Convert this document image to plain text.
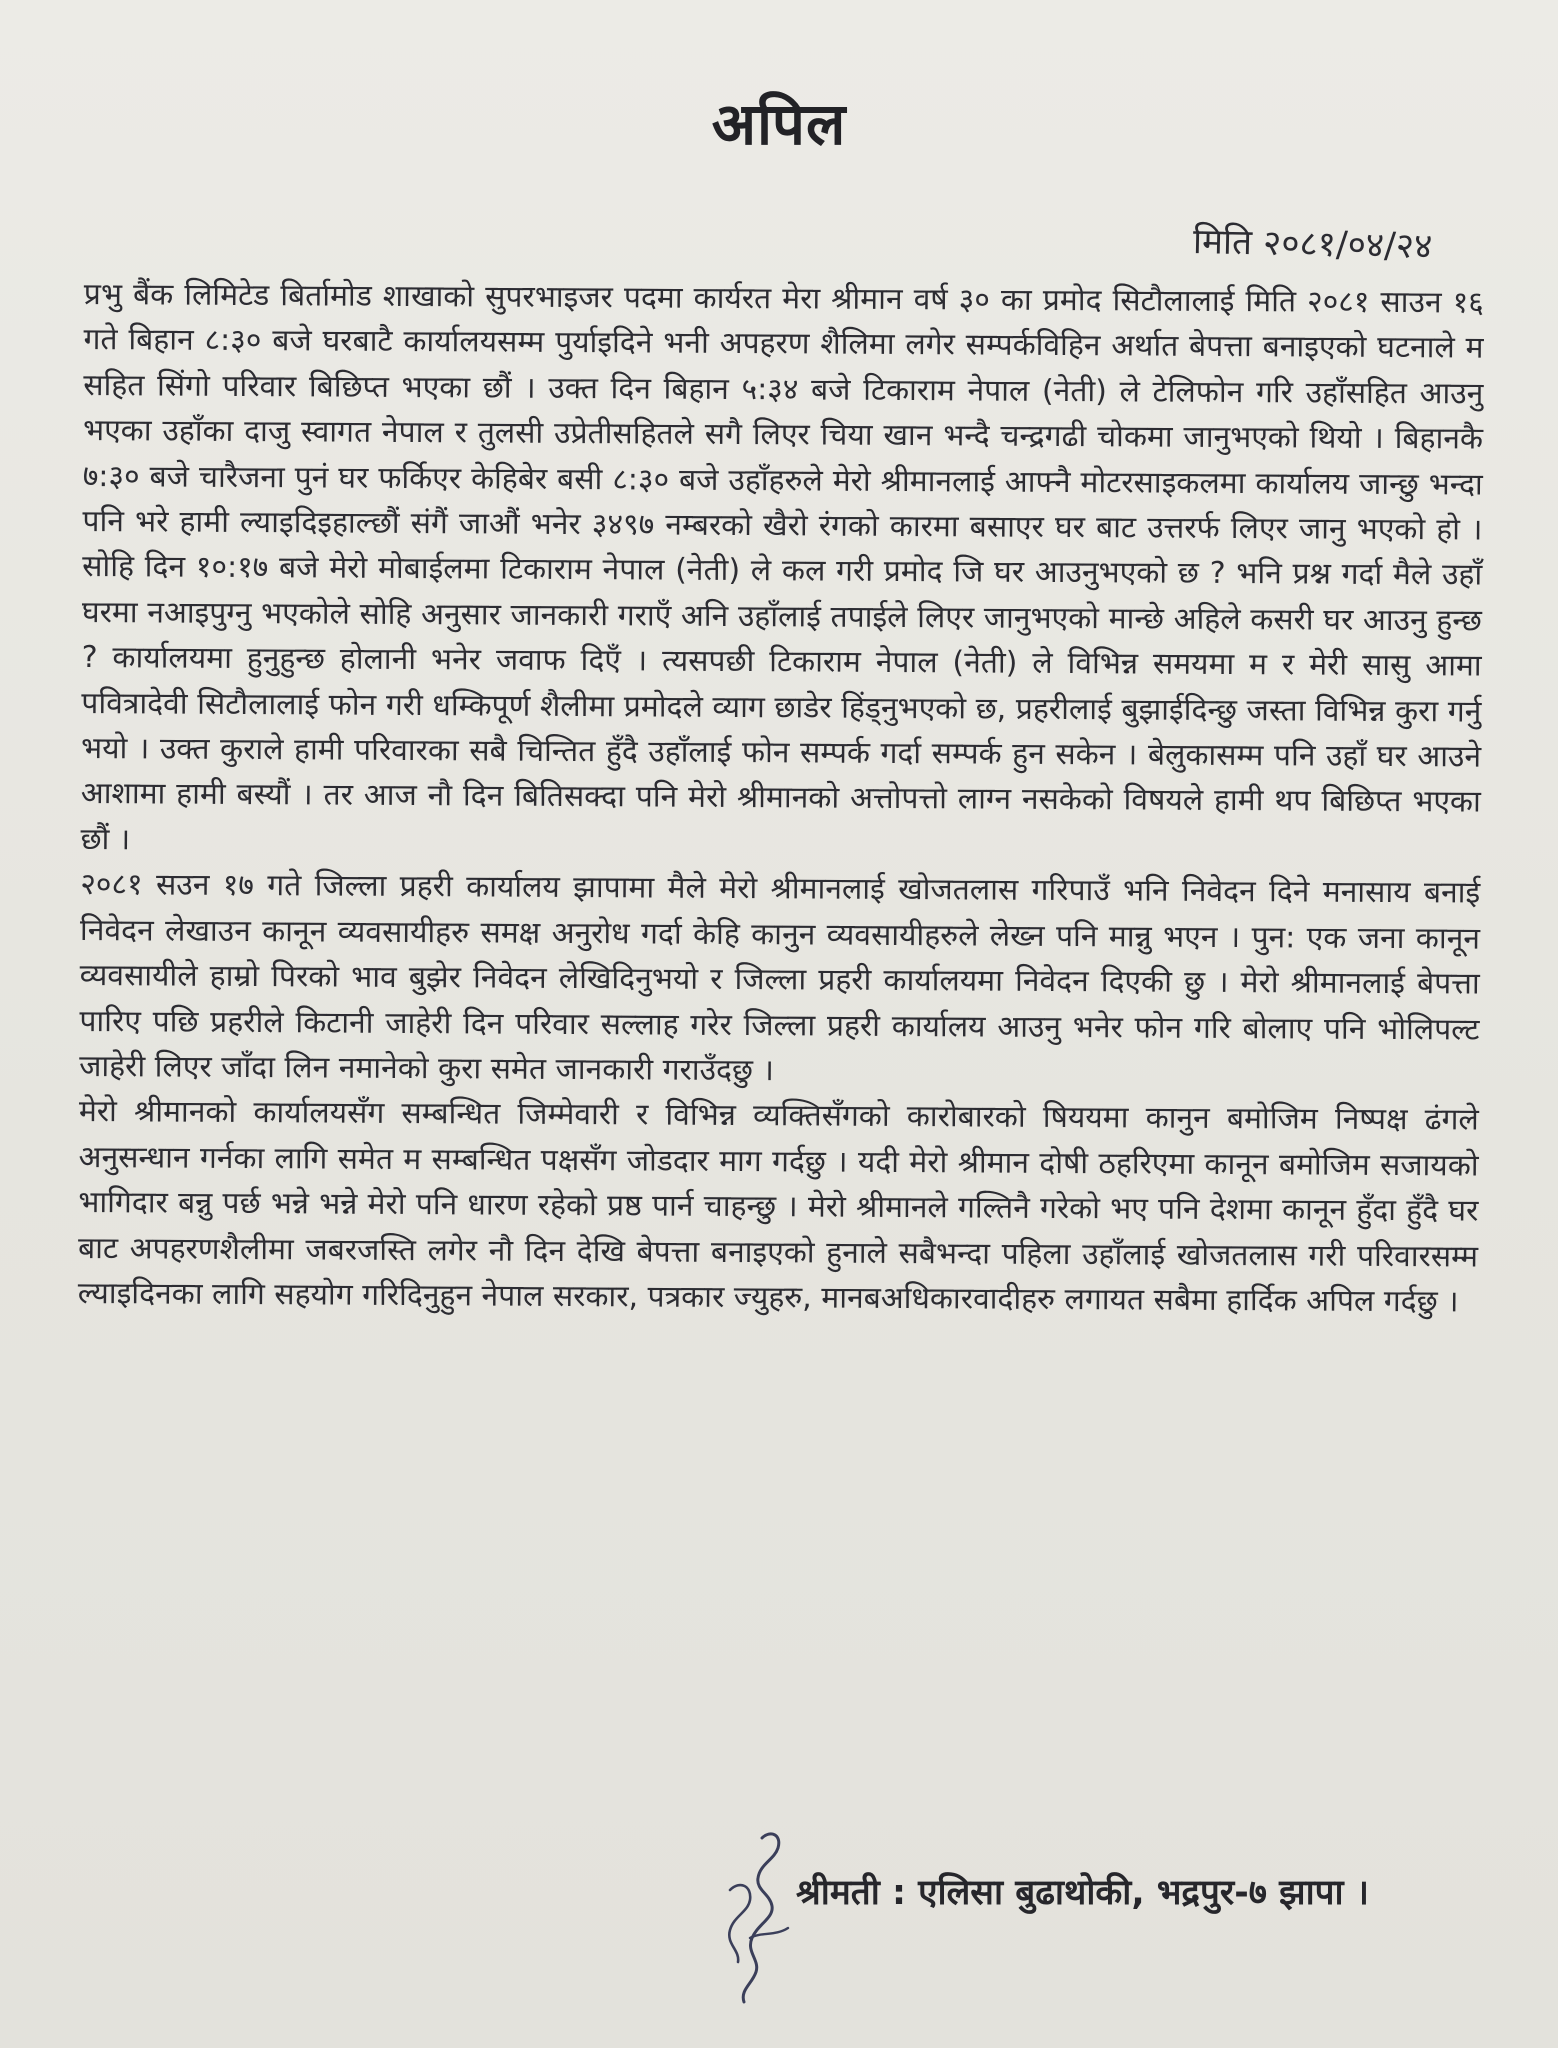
अपिल
मिति २०८१/०४/२४

प्रभु बैंक लिमिटेड बिर्तामोड शाखाको सुपरभाइजर पदमा कार्यरत मेरा श्रीमान वर्ष ३० का प्रमोद सिटौलालाई मिति २०८१ साउन १६ गते बिहान ८:३० बजे घरबाटै कार्यालयसम्म पुर्याइदिने भनी अपहरण शैलिमा लगेर सम्पर्कविहिन अर्थात बेपत्ता बनाइएको घटनाले म सहित सिंगो परिवार बिछिप्त भएका छौं । उक्त दिन बिहान ५:३४ बजे टिकाराम नेपाल (नेती) ले टेलिफोन गरि उहाँसहित आउनु भएका उहाँका दाजु स्वागत नेपाल र तुलसी उप्रेतीसहितले सगै लिएर चिया खान भन्दै चन्द्रगढी चोकमा जानुभएको थियो । बिहानकै ७:३० बजे चारैजना पुनं घर फर्किएर केहिबेर बसी ८:३० बजे उहाँहरुले मेरो श्रीमानलाई आफ्नै मोटरसाइकलमा कार्यालय जान्छु भन्दा पनि भरे हामी ल्याइदिइहाल्छौं संगैं जाऔं भनेर ३४९७ नम्बरको खैरो रंगको कारमा बसाएर घर बाट उत्तरर्फ लिएर जानु भएको हो । सोहि दिन १०:१७ बजे मेरो मोबाईलमा टिकाराम नेपाल (नेती) ले कल गरी प्रमोद जि घर आउनुभएको छ ? भनि प्रश्न गर्दा मैले उहाँ घरमा नआइपुग्नु भएकोले सोहि अनुसार जानकारी गराएँ अनि उहाँलाई तपाईले लिएर जानुभएको मान्छे अहिले कसरी घर आउनु हुन्छ ? कार्यालयमा हुनुहुन्छ होलानी भनेर जवाफ दिएँ । त्यसपछी टिकाराम नेपाल (नेती) ले विभिन्न समयमा म र मेरी सासु आमा पवित्रादेवी सिटौलालाई फोन गरी धम्किपूर्ण शैलीमा प्रमोदले व्याग छाडेर हिंड्नुभएको छ, प्रहरीलाई बुझाईदिन्छु जस्ता विभिन्न कुरा गर्नु भयो । उक्त कुराले हामी परिवारका सबै चिन्तित हुँदै उहाँलाई फोन सम्पर्क गर्दा सम्पर्क हुन सकेन । बेलुकासम्म पनि उहाँ घर आउने आशामा हामी बस्यौं । तर आज नौ दिन बितिसक्दा पनि मेरो श्रीमानको अत्तोपत्तो लाग्न नसकेको विषयले हामी थप बिछिप्त भएका छौं ।

२०८१ सउन १७ गते जिल्ला प्रहरी कार्यालय झापामा मैले मेरो श्रीमानलाई खोजतलास गरिपाउँ भनि निवेदन दिने मनासाय बनाई निवेदन लेखाउन कानून व्यवसायीहरु समक्ष अनुरोध गर्दा केहि कानुन व्यवसायीहरुले लेख्न पनि मान्नु भएन । पुन: एक जना कानून व्यवसायीले हाम्रो पिरको भाव बुझेर निवेदन लेखिदिनुभयो र जिल्ला प्रहरी कार्यालयमा निवेदन दिएकी छु । मेरो श्रीमानलाई बेपत्ता पारिए पछि प्रहरीले किटानी जाहेरी दिन परिवार सल्लाह गरेर जिल्ला प्रहरी कार्यालय आउनु भनेर फोन गरि बोलाए पनि भोलिपल्ट जाहेरी लिएर जाँदा लिन नमानेको कुरा समेत जानकारी गराउँदछु ।

मेरो श्रीमानको कार्यालयसँग सम्बन्धित जिम्मेवारी र विभिन्न व्यक्तिसँगको कारोबारको षिययमा कानुन बमोजिम निष्पक्ष ढंगले अनुसन्धान गर्नका लागि समेत म सम्बन्धित पक्षसँग जोडदार माग गर्दछु । यदी मेरो श्रीमान दोषी ठहरिएमा कानून बमोजिम सजायको भागिदार बन्नु पर्छ भन्ने भन्ने मेरो पनि धारण रहेको प्रष्ठ पार्न चाहन्छु । मेरो श्रीमानले गल्तिनै गरेको भए पनि देशमा कानून हुँदा हुँदै घर बाट अपहरणशैलीमा जबरजस्ति लगेर नौ दिन देखि बेपत्ता बनाइएको हुनाले सबैभन्दा पहिला उहाँलाई खोजतलास गरी परिवारसम्म ल्याइदिनका लागि सहयोग गरिदिनुहुन नेपाल सरकार, पत्रकार ज्युहरु, मानबअधिकारवादीहरु लगायत सबैमा हार्दिक अपिल गर्दछु ।

श्रीमती : एलिसा बुढाथोकी, भद्रपुर-७ झापा ।
